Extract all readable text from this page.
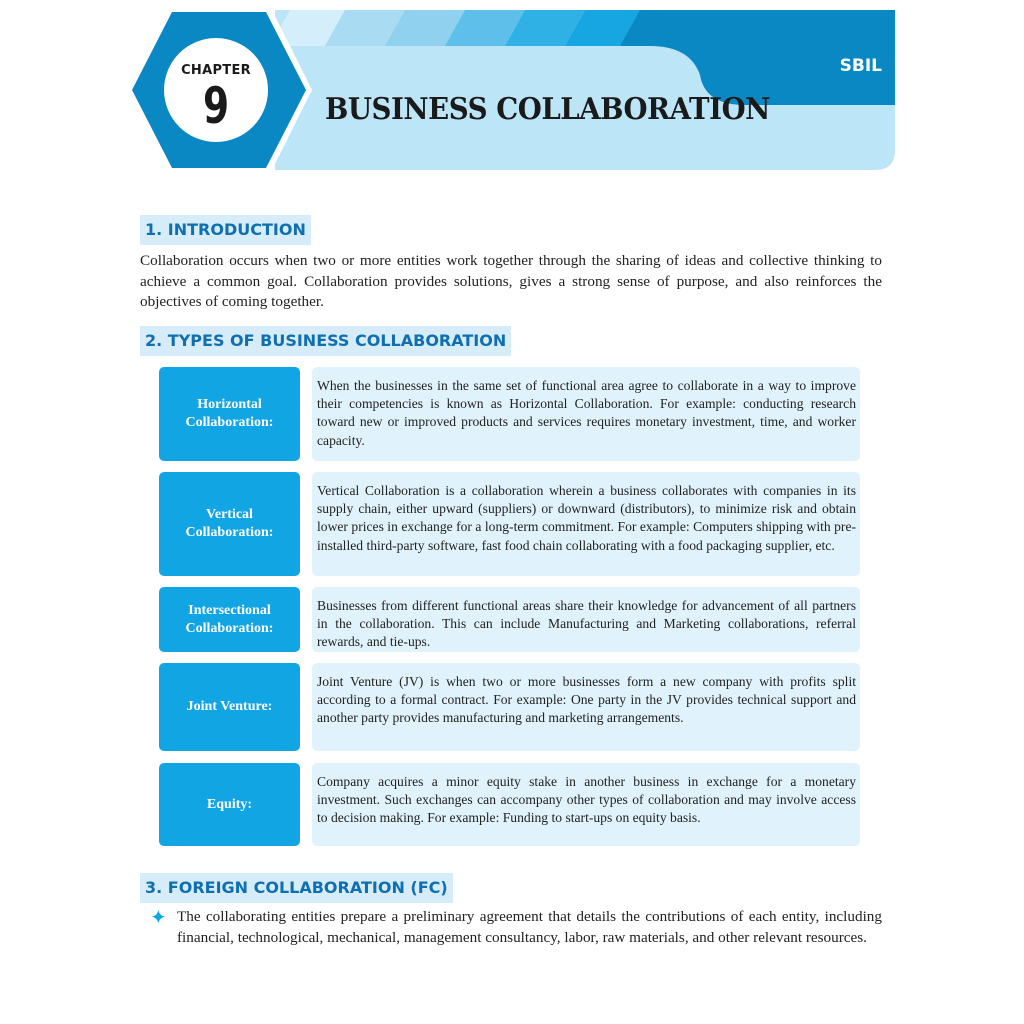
CHAPTER
9
SBIL
BUSINESS COLLABORATION
1. INTRODUCTION
Collaboration occurs when two or more entities work together through the sharing of ideas and collective thinking to achieve a common goal. Collaboration provides solutions, gives a strong sense of purpose, and also reinforces the objectives of coming together.
2. TYPES OF BUSINESS COLLABORATION
Horizontal Collaboration:
When the businesses in the same set of functional area agree to collaborate in a way to improve their competencies is known as Horizontal Collaboration. For example: conducting research toward new or improved products and services requires monetary investment, time, and worker capacity.
Vertical Collaboration:
Vertical Collaboration is a collaboration wherein a business collaborates with companies in its supply chain, either upward (suppliers) or downward (distributors), to minimize risk and obtain lower prices in exchange for a long-term commitment. For example: Computers shipping with pre-installed third-party software, fast food chain collaborating with a food packaging supplier, etc.
Intersectional Collaboration:
Businesses from different functional areas share their knowledge for advancement of all partners in the collaboration. This can include Manufacturing and Marketing collaborations, referral rewards, and tie-ups.
Joint Venture:
Joint Venture (JV) is when two or more businesses form a new company with profits split according to a formal contract. For example: One party in the JV provides technical support and another party provides manufacturing and marketing arrangements.
Equity:
Company acquires a minor equity stake in another business in exchange for a monetary investment. Such exchanges can accompany other types of collaboration and may involve access to decision making. For example: Funding to start-ups on equity basis.
3. FOREIGN COLLABORATION (FC)
✦ The collaborating entities prepare a preliminary agreement that details the contributions of each entity, including financial, technological, mechanical, management consultancy, labor, raw materials, and other relevant resources.
